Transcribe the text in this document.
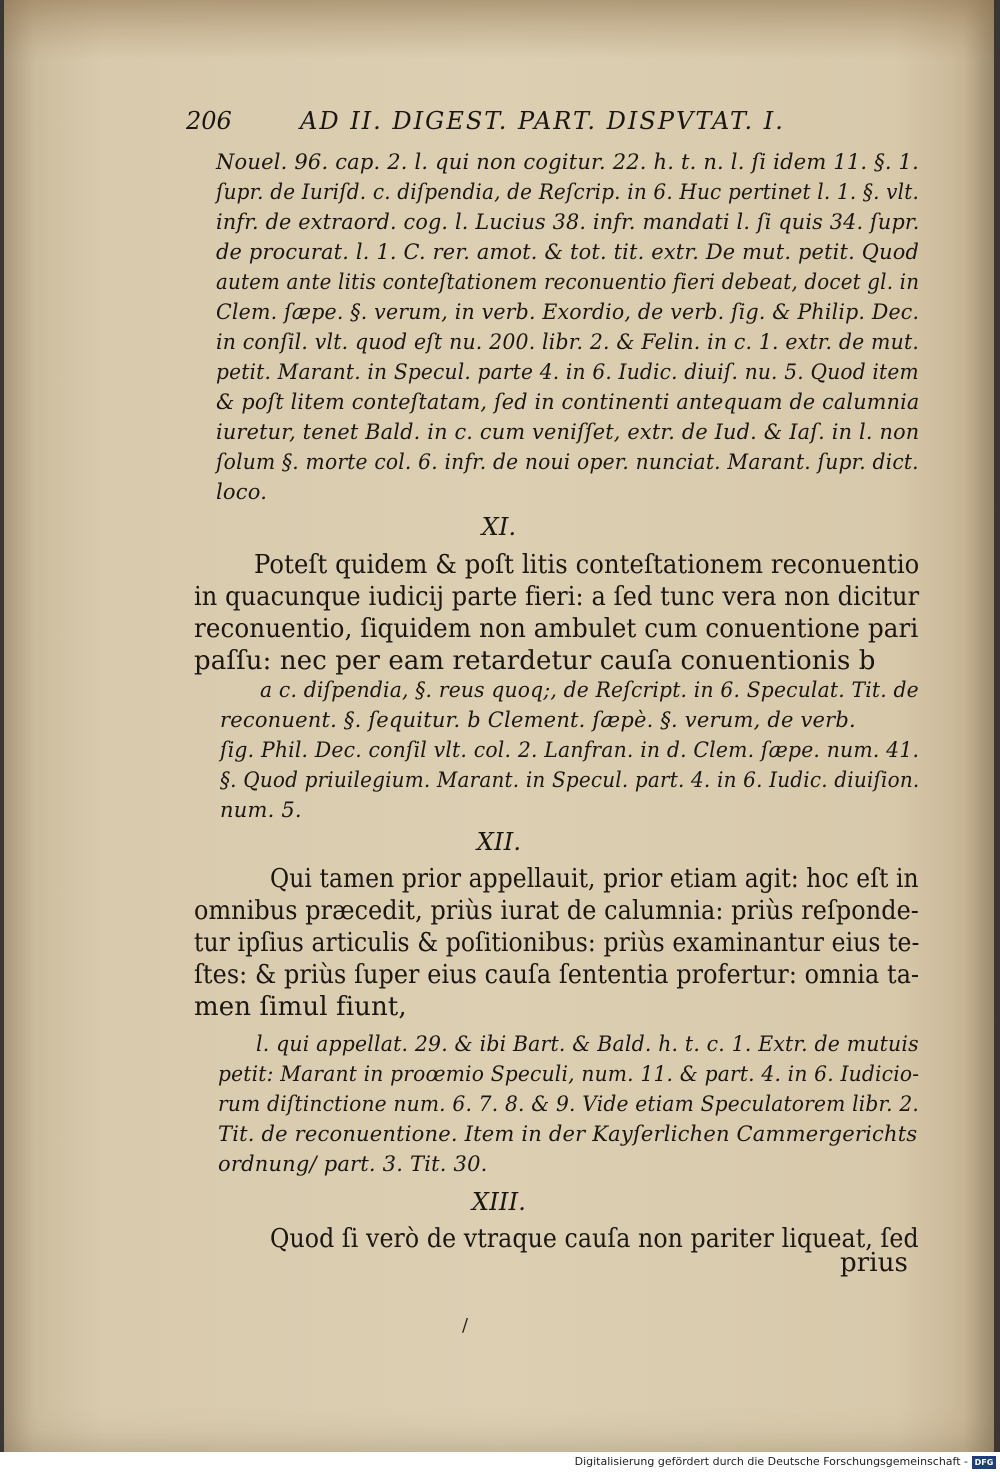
206	AD II. DIGEST. PART. DISPVTAT. I.

Nouel. 96. cap. 2. l. qui non cogitur. 22. h. t. n. l. ſi idem 11. §. 1.

ſupr. de Iuriſd. c. diſpendia, de Reſcrip. in 6. Huc pertinet l. 1. §. vlt.

infr. de extraord. cog. l. Lucius 38. infr. mandati l. ſi quis 34. ſupr.

de procurat. l. 1. C. rer. amot. & tot. tit. extr. De mut. petit. Quod

autem ante litis conteſtationem reconuentio fieri debeat, docet gl. in

Clem. ſæpe. §. verum, in verb. Exordio, de verb. ſig. & Philip. Dec.

in conſil. vlt. quod eſt nu. 200. libr. 2. & Felin. in c. 1. extr. de mut.

petit. Marant. in Specul. parte 4. in 6. Iudic. diuiſ. nu. 5. Quod item

& poſt litem conteſtatam, ſed in continenti antequam de calumnia

iuretur, tenet Bald. in c. cum veniſſet, extr. de Iud. & Iaſ. in l. non

ſolum §. morte col. 6. infr. de noui oper. nunciat. Marant. ſupr. dict.

loco.

XI.

Poteſt quidem & poſt litis conteſtationem reconuentio

in quacunque iudicij parte fieri: a ſed tunc vera non dicitur

reconuentio, ſiquidem non ambulet cum conuentione pari

paſſu: nec per eam retardetur cauſa conuentionis b

a c. diſpendia, §. reus quoq;, de Reſcript. in 6. Speculat. Tit. de

reconuent. §. ſequitur. b Clement. ſæpè. §. verum, de verb.

ſig. Phil. Dec. conſil vlt. col. 2. Lanfran. in d. Clem. ſæpe. num. 41.

§. Quod priuilegium. Marant. in Specul. part. 4. in 6. Iudic. diuiſion.

num. 5.

XII.

Qui tamen prior appellauit, prior etiam agit: hoc eſt in

omnibus præcedit, priùs iurat de calumnia: priùs reſponde-

tur ipſius articulis & poſitionibus: priùs examinantur eius te-

ſtes: & priùs ſuper eius cauſa ſententia profertur: omnia ta-

men ſimul fiunt,

l. qui appellat. 29. & ibi Bart. & Bald. h. t. c. 1. Extr. de mutuis

petit: Marant in proœmio Speculi, num. 11. & part. 4. in 6. Iudicio-

rum diſtinctione num. 6. 7. 8. & 9. Vide etiam Speculatorem libr. 2.

Tit. de reconuentione. Item in der Kayſerlichen Cammergerichts

ordnung/ part. 3. Tit. 30.

XIII.

Quod ſi verò de vtraque cauſa non pariter liqueat, ſed

prius

/
Digitalisierung gefördert durch die Deutsche Forschungsgemeinschaft - DFG
